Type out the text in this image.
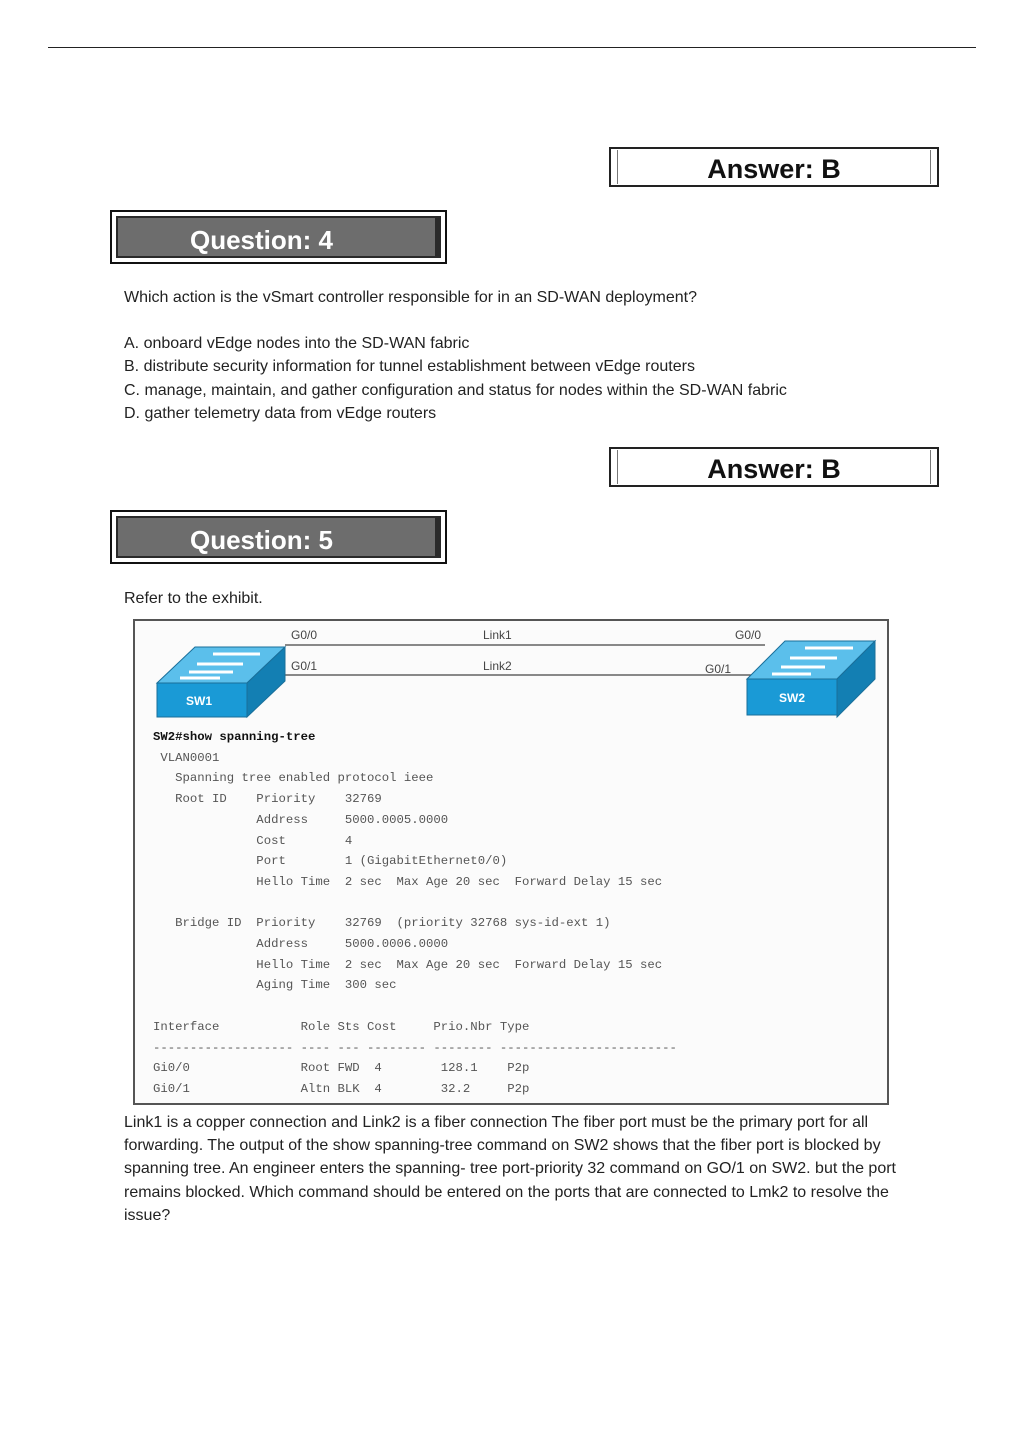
Answer: B
Question: 4

Which action is the vSmart controller responsible for in an SD-WAN deployment?

A. onboard vEdge nodes into the SD-WAN fabric
B. distribute security information for tunnel establishment between vEdge routers
C. manage, maintain, and gather configuration and status for nodes within the SD-WAN fabric
D. gather telemetry data from vEdge routers
Answer: B
Question: 5

Refer to the exhibit.

SW1	SW2
G0/0
G0/1
Link1
Link2
G0/0
G0/1
SW2#show spanning-tree
VLAN0001
Spanning tree enabled protocol ieee
Root ID    Priority    32769
Address     5000.0005.0000
Cost        4
Port        1 (GigabitEthernet0/0)
Hello Time  2 sec  Max Age 20 sec  Forward Delay 15 sec

Bridge ID  Priority    32769  (priority 32768 sys-id-ext 1)
Address     5000.0006.0000
Hello Time  2 sec  Max Age 20 sec  Forward Delay 15 sec
Aging Time  300 sec

Interface           Role Sts Cost     Prio.Nbr Type
------------------- ---- --- -------- -------- ------------------------
Gi0/0               Root FWD  4        128.1    P2p
Gi0/1               Altn BLK  4        32.2     P2p

Link1 is a copper connection and Link2 is a fiber connection The fiber port must be the primary port for all forwarding. The output of the show spanning-tree command on SW2 shows that the fiber port is blocked by spanning tree. An engineer enters the spanning- tree port-priority 32 command on GO/1 on SW2. but the port remains blocked. Which command should be entered on the ports that are connected to Lmk2 to resolve the issue?
